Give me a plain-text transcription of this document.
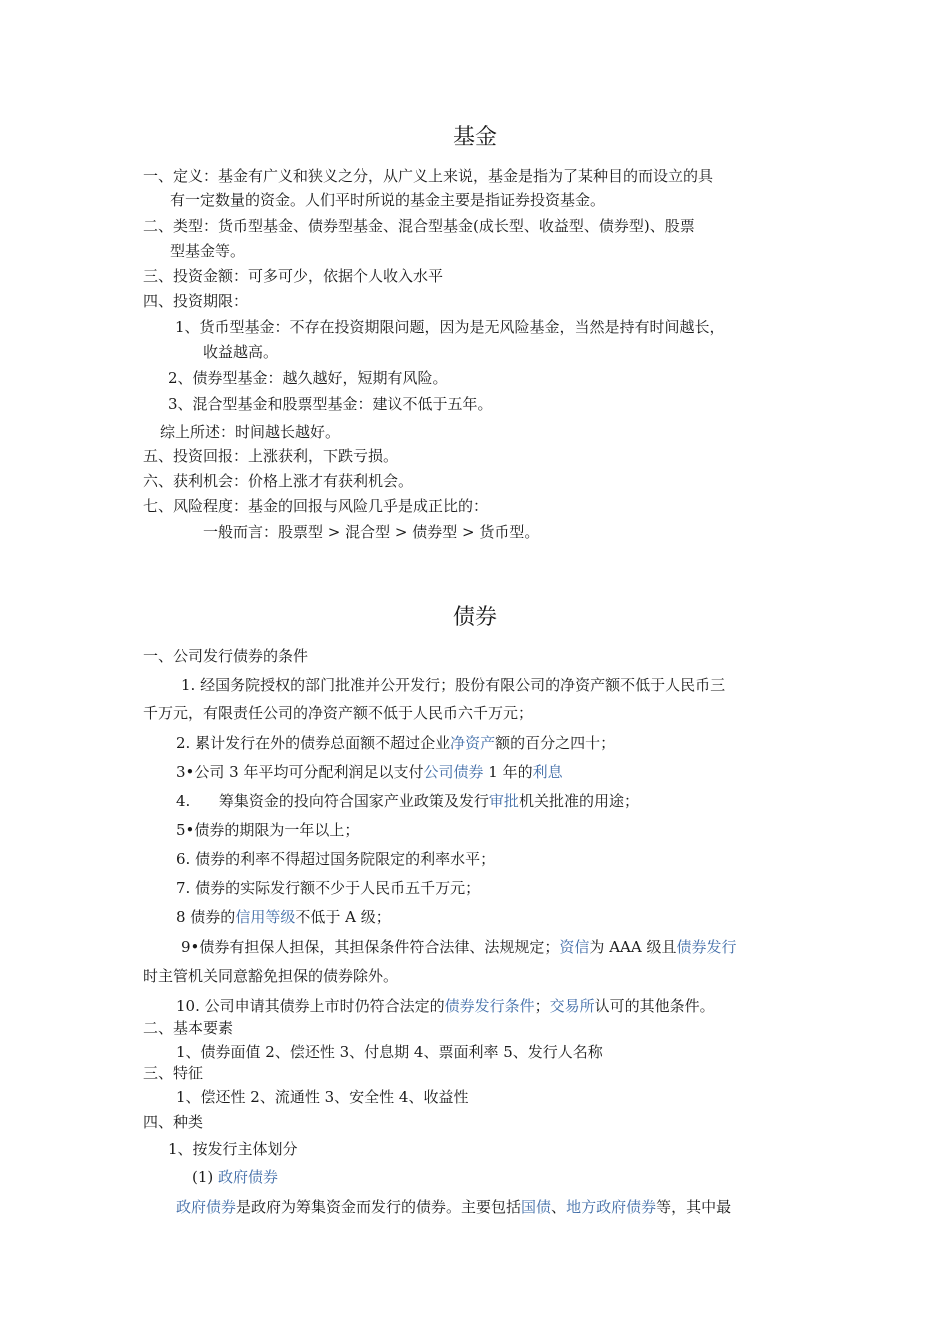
基金
一、定义：基金有广义和狭义之分，从广义上来说，基金是指为了某种目的而设立的具
有一定数量的资金。人们平时所说的基金主要是指证券投资基金。
二、类型：货币型基金、债券型基金、混合型基金(成长型、收益型、债券型)、股票
型基金等。
三、投资金额：可多可少，依据个人收入水平
四、投资期限：
1、货币型基金：不存在投资期限问题，因为是无风险基金，当然是持有时间越长，
收益越高。
2、债券型基金：越久越好，短期有风险。
3、混合型基金和股票型基金：建议不低于五年。
综上所述：时间越长越好。
五、投资回报：上涨获利，下跌亏损。
六、获利机会：价格上涨才有获利机会。
七、风险程度：基金的回报与风险几乎是成正比的：
一般而言：股票型 > 混合型 > 债券型 > 货币型。
债券
一、公司发行债券的条件
1. 经国务院授权的部门批准并公开发行；股份有限公司的净资产额不低于人民币三
千万元，有限责任公司的净资产额不低于人民币六千万元；
2. 累计发行在外的债券总面额不超过企业净资产额的百分之四十；
3•公司 3 年平均可分配利润足以支付公司债券 1 年的利息
4.      筹集资金的投向符合国家产业政策及发行审批机关批准的用途；
5•债券的期限为一年以上；
6. 债券的利率不得超过国务院限定的利率水平；
7. 债券的实际发行额不少于人民币五千万元；
8 债券的信用等级不低于 A 级；
9•债券有担保人担保，其担保条件符合法律、法规规定；资信为 AAA 级且债券发行
时主管机关同意豁免担保的债券除外。
10. 公司申请其债券上市时仍符合法定的债券发行条件；交易所认可的其他条件。
二、基本要素
1、债券面值 2、偿还性 3、付息期 4、票面利率 5、发行人名称
三、特征
1、偿还性 2、流通性 3、安全性 4、收益性
四、种类
1、按发行主体划分
(1) 政府债券
政府债券是政府为筹集资金而发行的债券。主要包括国债、地方政府债券等，其中最
